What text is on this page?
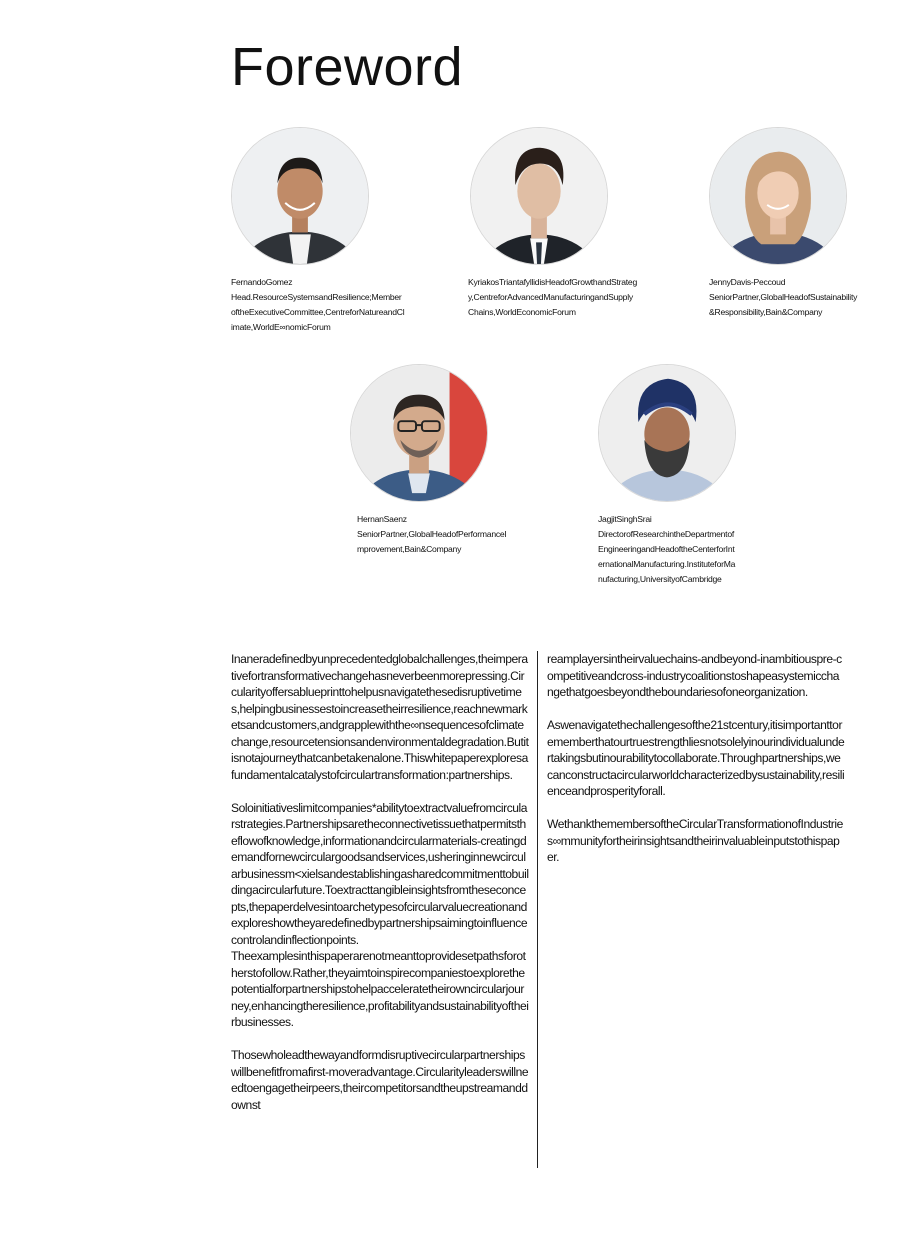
Foreword
FernandoGomez
Head.ResourceSystemsandResilience;MemberoftheExecutiveCommittee,CentreforNatureandClimate,WorldE∞nomicForum
KyriakosTriantafyllidisHeadofGrowthandStrategy,CentreforAdvancedManufacturingandSupplyChains,WorldEconomicForum
JennyDavis-Peccoud
SeniorPartner,GlobalHeadofSustainability&Responsibility,Bain&Company
HernanSaenz
SeniorPartner,GlobalHeadofPerformanceImprovement,Bain&Company
JagjitSinghSrai
DirectorofResearchintheDepartmentofEngineeringandHeadoftheCenterforInternationalManufacturing.InstituteforManufacturing,UniversityofCambridge

Inaneradefinedbyunprecedentedglobalchallenges,theimperativefortransformativechangehasneverbeenmorepressing.Circularityoffersablueprinttohelpusnavigatethesedisruptivetimes,helpingbusinessestoincreasetheirresilience,reachnewmarketsandcustomers,andgrapplewiththe∞nsequencesofclimatechange,resourcetensionsandenvironmentaldegradation.Butitisnotajourneythatcanbetakenalone.Thiswhitepaperexploresafundamentalcatalystofcirculartransformation:partnerships.

Soloinitiativeslimitcompanies*abilitytoextractvaluefromcircularstrategies.Partnershipsaretheconnectivetissuethatpermitstheflowofknowledge,informationandcircularmaterials-creatingdemandfornewcirculargoodsandservices,usheringinnewcircularbusinessm<xielsandestablishingasharedcommitmenttobuildingacircularfuture.Toextracttangibleinsightsfromtheseconcepts,thepaperdelvesintoarchetypesofcircularvaluecreationandexploreshowtheyaredefinedbypartnershipsaimingtoinfluencecontrolandinflectionpoints.

Theexamplesinthispaperarenotmeanttoprovidesetpathsforotherstofollow.Rather,theyaimtoinspirecompaniestoexplorethepotentialforpartnershipstohelpacceleratetheirowncircularjourney,enhancingtheresilience,profitabilityandsustainabilityoftheirbusinesses.

Thosewholeadthewayandformdisruptivecircularpartnershipswillbenefitfromafirst-moveradvantage.Circularityleaderswillneedtoengagetheirpeers,theircompetitorsandtheupstreamanddownst

reamplayersintheirvaluechains-andbeyond-inambitiouspre-competitiveandcross-industrycoalitionstoshapeasystemicchangethatgoesbeyondtheboundariesofoneorganization.

Aswenavigatethechallengesofthe21stcentury,itisimportanttorememberthatourtruestrengthliesnotsolelyinourindividualundertakingsbutinourabilitytocollaborate.Throughpartnerships,wecanconstructacircularworldcharacterizedbysustainability,resilienceandprosperityforall.

WethankthemembersoftheCircularTransformationofIndustries∞mmunityfortheirinsightsandtheirinvaluableinputstothispaper.
